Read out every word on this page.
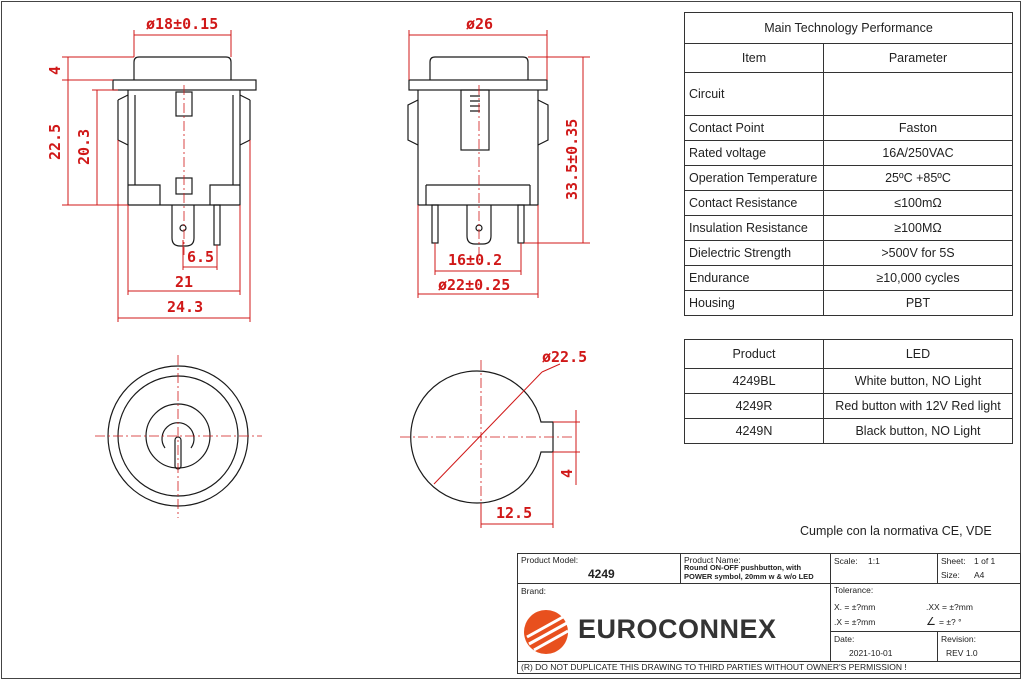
ø18±0.15
4
22.5 20.3
6.5
21
24.3
ø26
33.5±0.35
16±0.2
ø22±0.25
ø22.5
4
12.5
Main Technology Performance	
Item	Parameter
Circuit	
Contact Point	Faston
Rated voltage	16A/250VAC
Operation Temperature	25ºC +85ºC
Contact Resistance	≤100mΩ
Insulation Resistance	≥100MΩ
Dielectric Strength	>500V for 5S
Endurance	≥10,000 cycles
Housing	PBT
Product	LED
4249BL	White button, NO Light
4249R	Red button with 12V Red light
4249N	Black button, NO Light
Cumple con la normativa CE, VDE
Product Model:
4249
Product Name:
Round ON-OFF pushbutton, with POWER symbol, 20mm w & w/o LED
Scale: 1:1	Sheet: 1 of 1
Size: A4
Brand:
EUROCONNEX
Tolerance:
X. = ±?mm	.XX = ±?mm
.X = ±?mm	∠ = ±? °
Date:
2021-10-01
Revision:
REV 1.0
(R) DO NOT DUPLICATE THIS DRAWING TO THIRD PARTIES WITHOUT OWNER'S PERMISSION !
